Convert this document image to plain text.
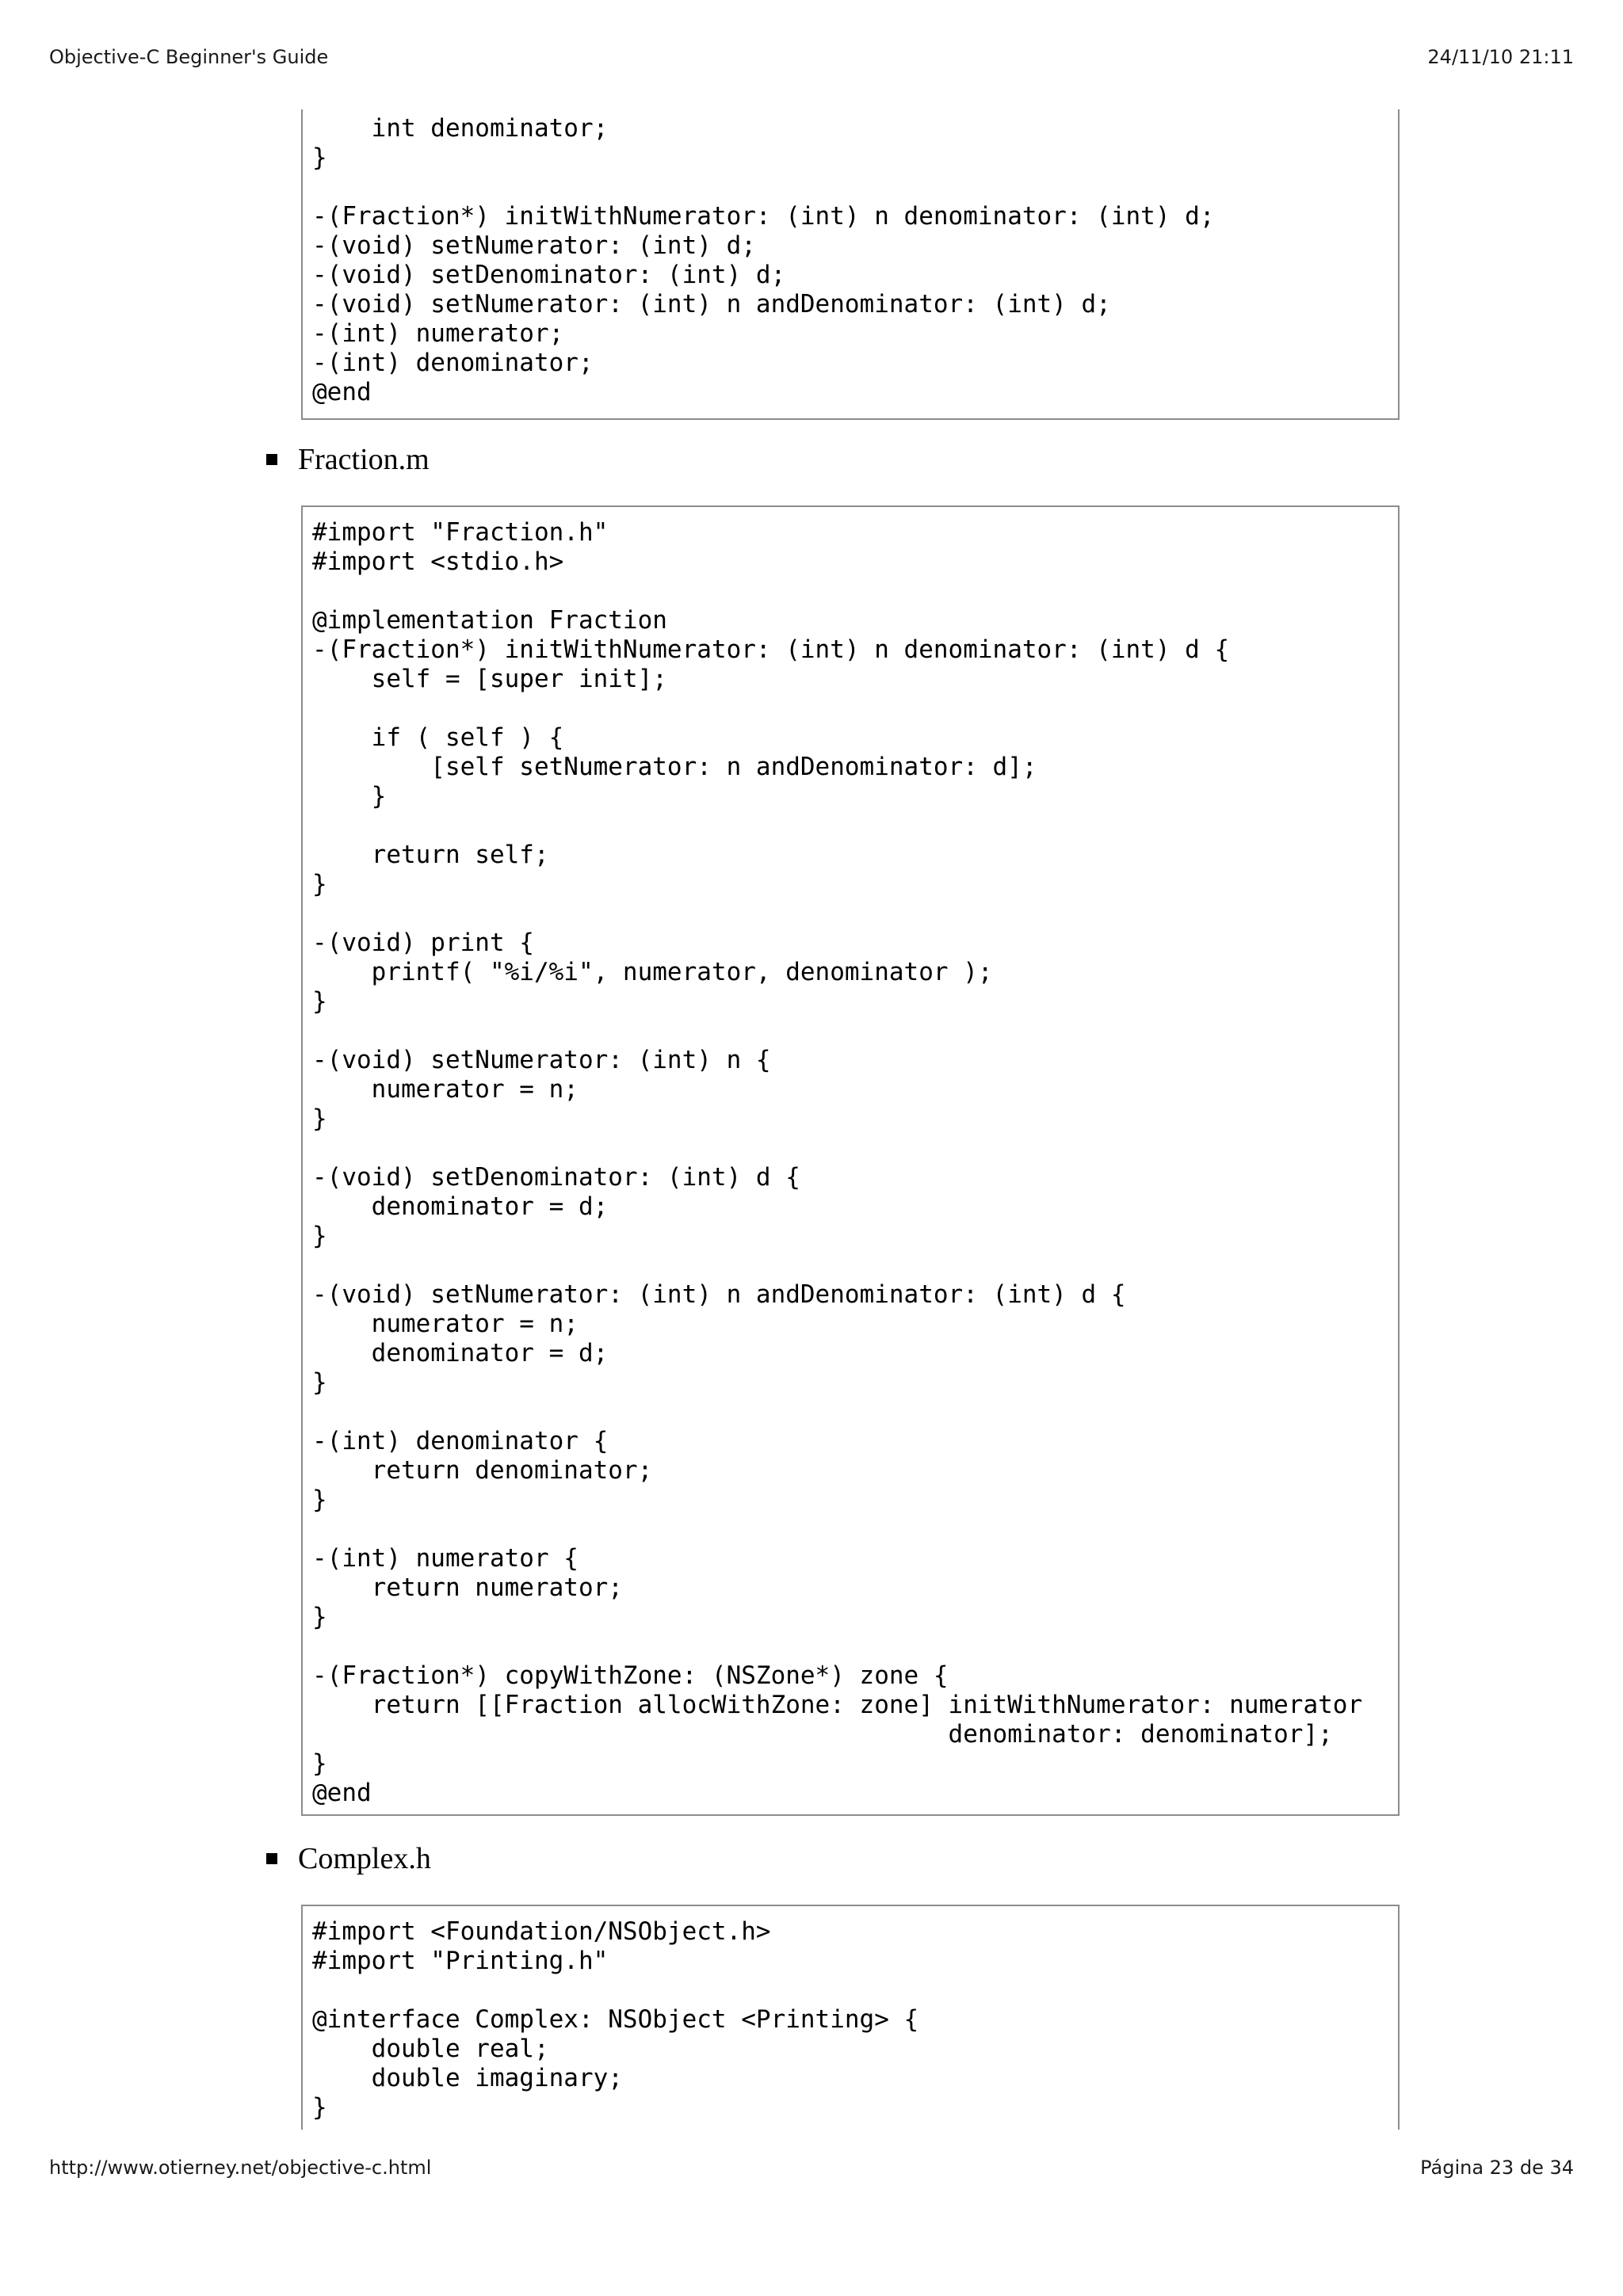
Objective-C Beginner's Guide	24/11/10 21:11
int denominator;
}

-(Fraction*) initWithNumerator: (int) n denominator: (int) d;
-(void) setNumerator: (int) d;
-(void) setDenominator: (int) d;
-(void) setNumerator: (int) n andDenominator: (int) d;
-(int) numerator;
-(int) denominator;
@end
Fraction.m
#import "Fraction.h"
#import <stdio.h>

@implementation Fraction
-(Fraction*) initWithNumerator: (int) n denominator: (int) d {
self = [super init];

if ( self ) {
[self setNumerator: n andDenominator: d];
}

return self;
}

-(void) print {
printf( "%i/%i", numerator, denominator );
}

-(void) setNumerator: (int) n {
numerator = n;
}

-(void) setDenominator: (int) d {
denominator = d;
}

-(void) setNumerator: (int) n andDenominator: (int) d {
numerator = n;
denominator = d;
}

-(int) denominator {
return denominator;
}

-(int) numerator {
return numerator;
}

-(Fraction*) copyWithZone: (NSZone*) zone {
return [[Fraction allocWithZone: zone] initWithNumerator: numerator
denominator: denominator];
}
@end
Complex.h
#import <Foundation/NSObject.h>
#import "Printing.h"

@interface Complex: NSObject <Printing> {
double real;
double imaginary;
}
http://www.otierney.net/objective-c.html	Página 23 de 34
